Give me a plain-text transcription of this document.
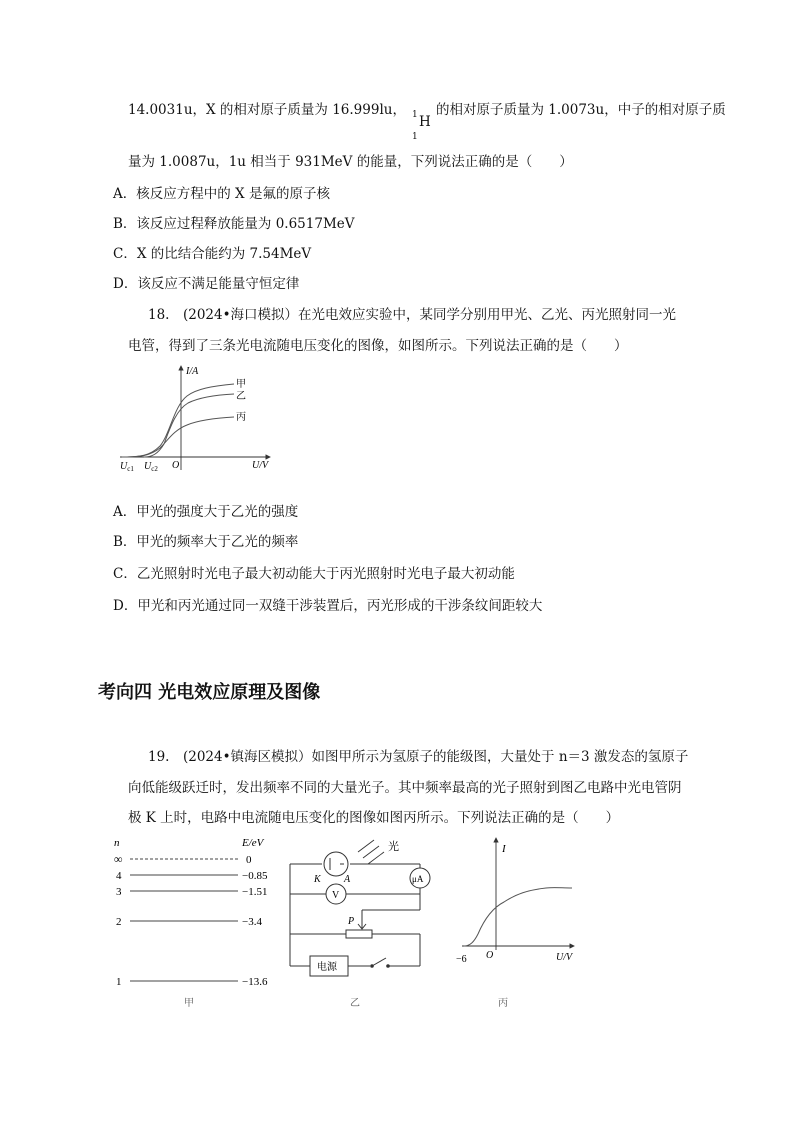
14.0031u，X 的相对原子质量为 16.999lu， 1 H
1
的相对原子质量为 1.0073u，中子的相对原子质
量为 1.0087u，1u 相当于 931MeV 的能量，下列说法正确的是（　　）
A．核反应方程中的 X 是氟的原子核
B．该反应过程释放能量为 0.6517MeV
C．X 的比结合能约为 7.54MeV
D．该反应不满足能量守恒定律
18.　(2024•海口模拟）在光电效应实验中，某同学分别用甲光、乙光、丙光照射同一光
电管，得到了三条光电流随电压变化的图像，如图所示。下列说法正确的是（　　）
I/A
U/V
O
$U_{c1}$ $U_{c2}$
甲
乙
丙
A．甲光的强度大于乙光的强度
B．甲光的频率大于乙光的频率
C．乙光照射时光电子最大初动能大于丙光照射时光电子最大初动能
D．甲光和丙光通过同一双缝干涉装置后，丙光形成的干涉条纹间距较大
考向四 光电效应原理及图像
19.　(2024•镇海区模拟）如图甲所示为氢原子的能级图，大量处于 n＝3 激发态的氢原子
向低能级跃迁时，发出频率不同的大量光子。其中频率最高的光子照射到图乙电路中光电管阴
极 K 上时，电路中电流随电压变化的图像如图丙所示。下列说法正确的是（　　）
n	E/eV
∞	0
4	−0.85
3	−1.51
2	−3.4
1	−13.6
甲
光
K A	μA
V
P
电源
乙
I
U/V
O
−6
丙
